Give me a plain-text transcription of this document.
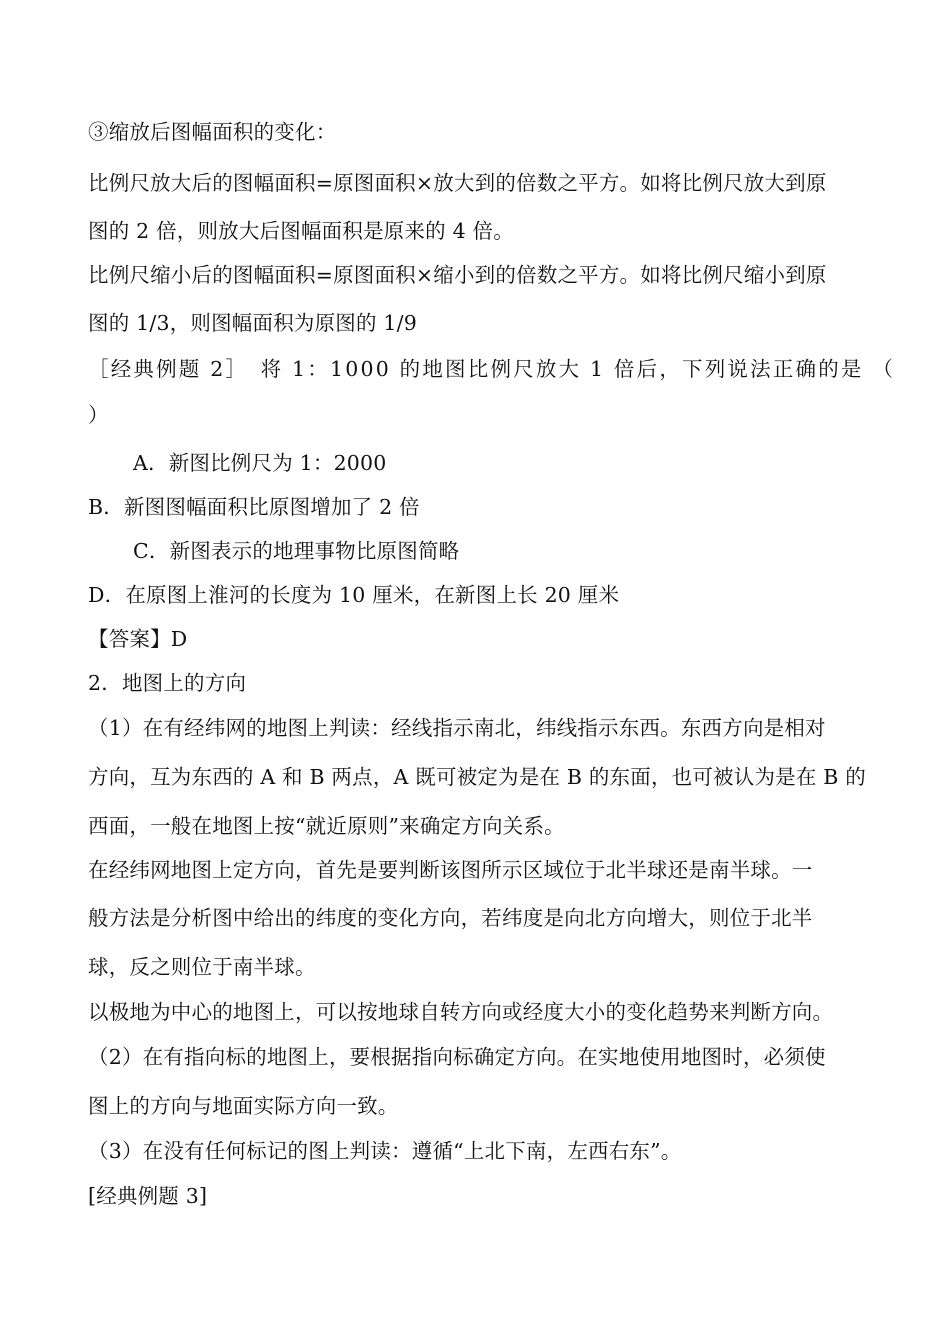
③缩放后图幅面积的变化：
比例尺放大后的图幅面积=原图面积×放大到的倍数之平方。如将比例尺放大到原
图的 2 倍，则放大后图幅面积是原来的 4 倍。
比例尺缩小后的图幅面积=原图面积×缩小到的倍数之平方。如将比例尺缩小到原
图的 1/3，则图幅面积为原图的 1/9
［经典例题 2］　将 1：1000 的地图比例尺放大 1 倍后，下列说法正确的是 （
）
A．新图比例尺为 1：2000
B．新图图幅面积比原图增加了 2 倍
C．新图表示的地理事物比原图简略
D．在原图上淮河的长度为 10 厘米，在新图上长 20 厘米
【答案】D
2．地图上的方向
（1）在有经纬网的地图上判读：经线指示南北，纬线指示东西。东西方向是相对
方向，互为东西的 A 和 B 两点，A 既可被定为是在 B 的东面，也可被认为是在 B 的
西面，一般在地图上按“就近原则”来确定方向关系。
在经纬网地图上定方向，首先是要判断该图所示区域位于北半球还是南半球。一
般方法是分析图中给出的纬度的变化方向，若纬度是向北方向增大，则位于北半
球，反之则位于南半球。
以极地为中心的地图上，可以按地球自转方向或经度大小的变化趋势来判断方向。
（2）在有指向标的地图上，要根据指向标确定方向。在实地使用地图时，必须使
图上的方向与地面实际方向一致。
（3）在没有任何标记的图上判读：遵循“上北下南，左西右东”。
[经典例题 3]
